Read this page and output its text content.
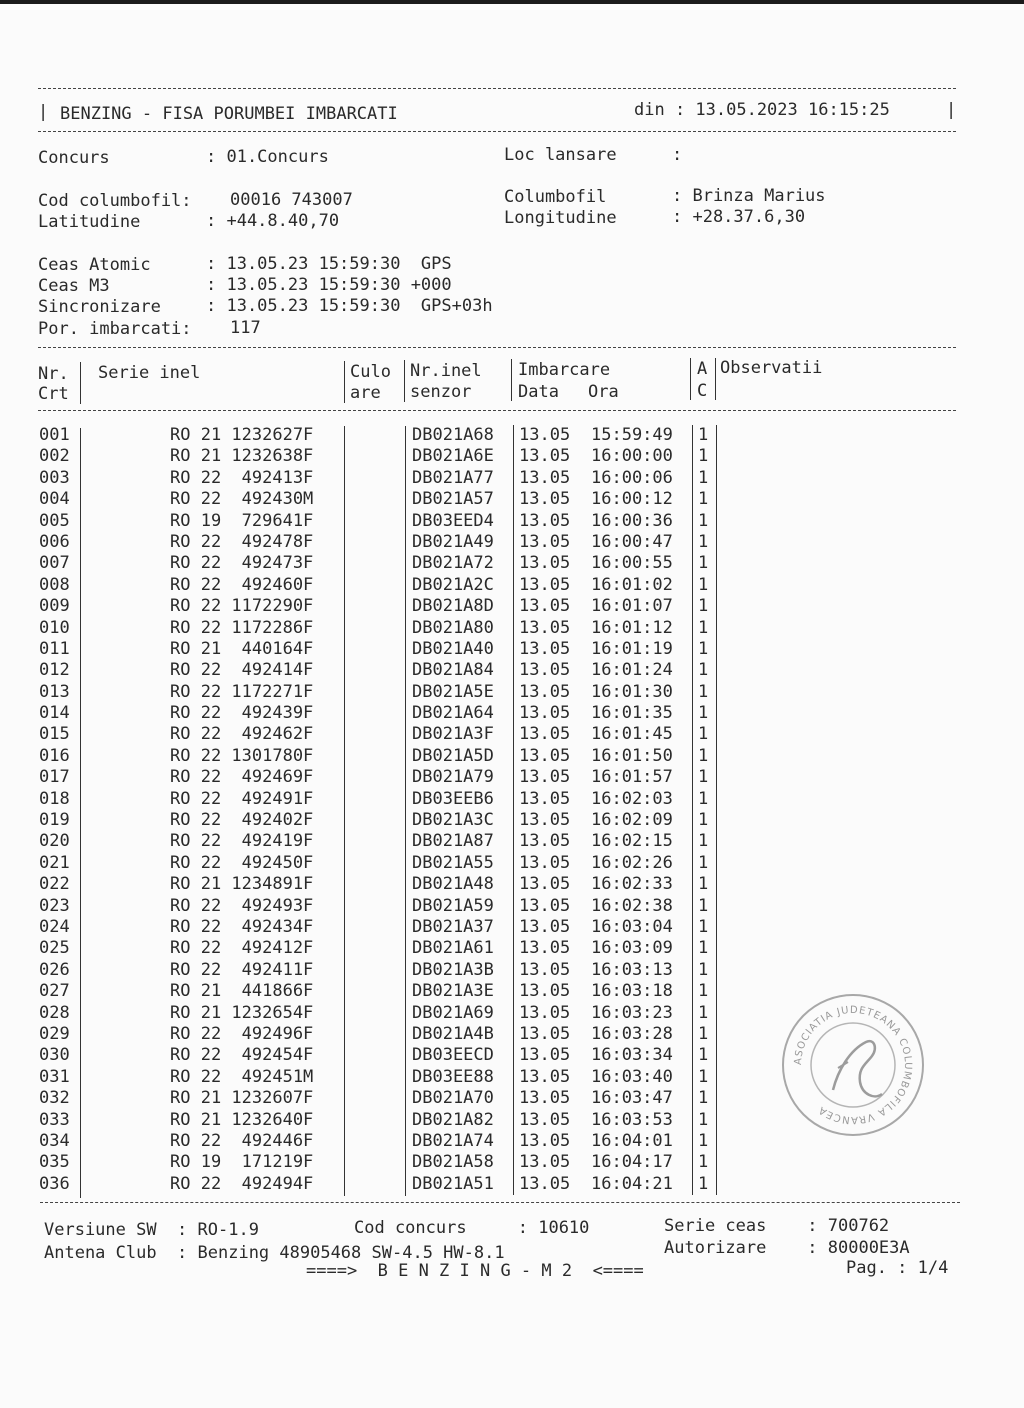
| BENZING - FISA PORUMBEI IMBARCATI	din : 13.05.2023 16:15:25	|
Concurs	: 01.Concurs	Loc lansare	:
Cod columbofil: 00016 743007	Columbofil	: Brinza Marius
Latitudine	: +44.8.40,70	Longitudine	: +28.37.6,30
Ceas Atomic	: 13.05.23 15:59:30  GPS
Ceas M3	: 13.05.23 15:59:30 +000
Sincronizare	: 13.05.23 15:59:30  GPS+03h
Por. imbarcati: 117
Nr.
Crt
Serie inel	Culo
are
Nr.inel
senzor
Imbarcare
Data Ora
A
C
Observatii
001	RO 21 1232627F	DB021A68 13.05 15:59:49 1
002	RO 21 1232638F	DB021A6E 13.05 16:00:00 1
003	RO 22  492413F	DB021A77 13.05 16:00:06 1
004	RO 22  492430M	DB021A57 13.05 16:00:12 1
005	RO 19  729641F	DB03EED4 13.05 16:00:36 1
006	RO 22  492478F	DB021A49 13.05 16:00:47 1
007	RO 22  492473F	DB021A72 13.05 16:00:55 1
008	RO 22  492460F	DB021A2C 13.05 16:01:02 1
009	RO 22 1172290F	DB021A8D 13.05 16:01:07 1
010	RO 22 1172286F	DB021A80 13.05 16:01:12 1
011	RO 21  440164F	DB021A40 13.05 16:01:19 1
012	RO 22  492414F	DB021A84 13.05 16:01:24 1
013	RO 22 1172271F	DB021A5E 13.05 16:01:30 1
014	RO 22  492439F	DB021A64 13.05 16:01:35 1
015	RO 22  492462F	DB021A3F 13.05 16:01:45 1
016	RO 22 1301780F	DB021A5D 13.05 16:01:50 1
017	RO 22  492469F	DB021A79 13.05 16:01:57 1
018	RO 22  492491F	DB03EEB6 13.05 16:02:03 1
019	RO 22  492402F	DB021A3C 13.05 16:02:09 1
020	RO 22  492419F	DB021A87 13.05 16:02:15 1
021	RO 22  492450F	DB021A55 13.05 16:02:26 1
022	RO 21 1234891F	DB021A48 13.05 16:02:33 1
023	RO 22  492493F	DB021A59 13.05 16:02:38 1
024	RO 22  492434F	DB021A37 13.05 16:03:04 1
025	RO 22  492412F	DB021A61 13.05 16:03:09 1
026	RO 22  492411F	DB021A3B 13.05 16:03:13 1
027	RO 21  441866F	DB021A3E 13.05 16:03:18 1
028	RO 21 1232654F	DB021A69 13.05 16:03:23 1
029	RO 22  492496F	DB021A4B 13.05 16:03:28 1
030	RO 22  492454F	DB03EECD 13.05 16:03:34 1
031	RO 22  492451M	DB03EE88 13.05 16:03:40 1
032	RO 21 1232607F	DB021A70 13.05 16:03:47 1
033	RO 21 1232640F	DB021A82 13.05 16:03:53 1
034	RO 22  492446F	DB021A74 13.05 16:04:01 1
035	RO 19  171219F	DB021A58 13.05 16:04:17 1
036	RO 22  492494F	DB021A51 13.05 16:04:21 1
Versiune SW  : RO-1.9	Cod concurs     : 10610	Serie ceas    : 700762
Antena Club  : Benzing 48905468 SW-4.5 HW-8.1	Autorizare    : 80000E3A
====>  B E N Z I N G - M 2  <====	Pag. : 1/4
ASOCIATIA JUDETEANA COLUMBOFILA VRANCEA
